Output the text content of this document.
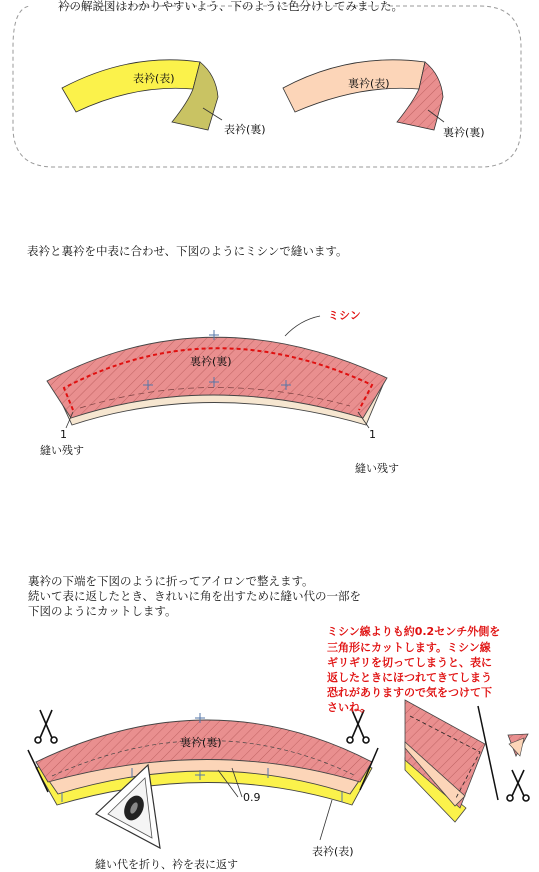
衿の解説図はわかりやすいよう、下のように色分けしてみました。
表衿(表)
表衿(裏)
裏衿(表)
裏衿(裏)
表衿と裏衿を中表に合わせ、下図のようにミシンで縫います。
ミシン
裏衿(裏)
1
縫い残す
1
縫い残す
裏衿の下端を下図のように折ってアイロンで整えます。
続いて表に返したとき、きれいに角を出すために縫い代の一部を
下図のようにカットします。
ミシン線よりも約0.2センチ外側を
三角形にカットします。ミシン線
ギリギリを切ってしまうと、表に
返したときにほつれてきてしまう
恐れがありますので気をつけて下
さいね。
裏衿(裏)
0.9
表衿(表)
縫い代を折り、衿を表に返す
